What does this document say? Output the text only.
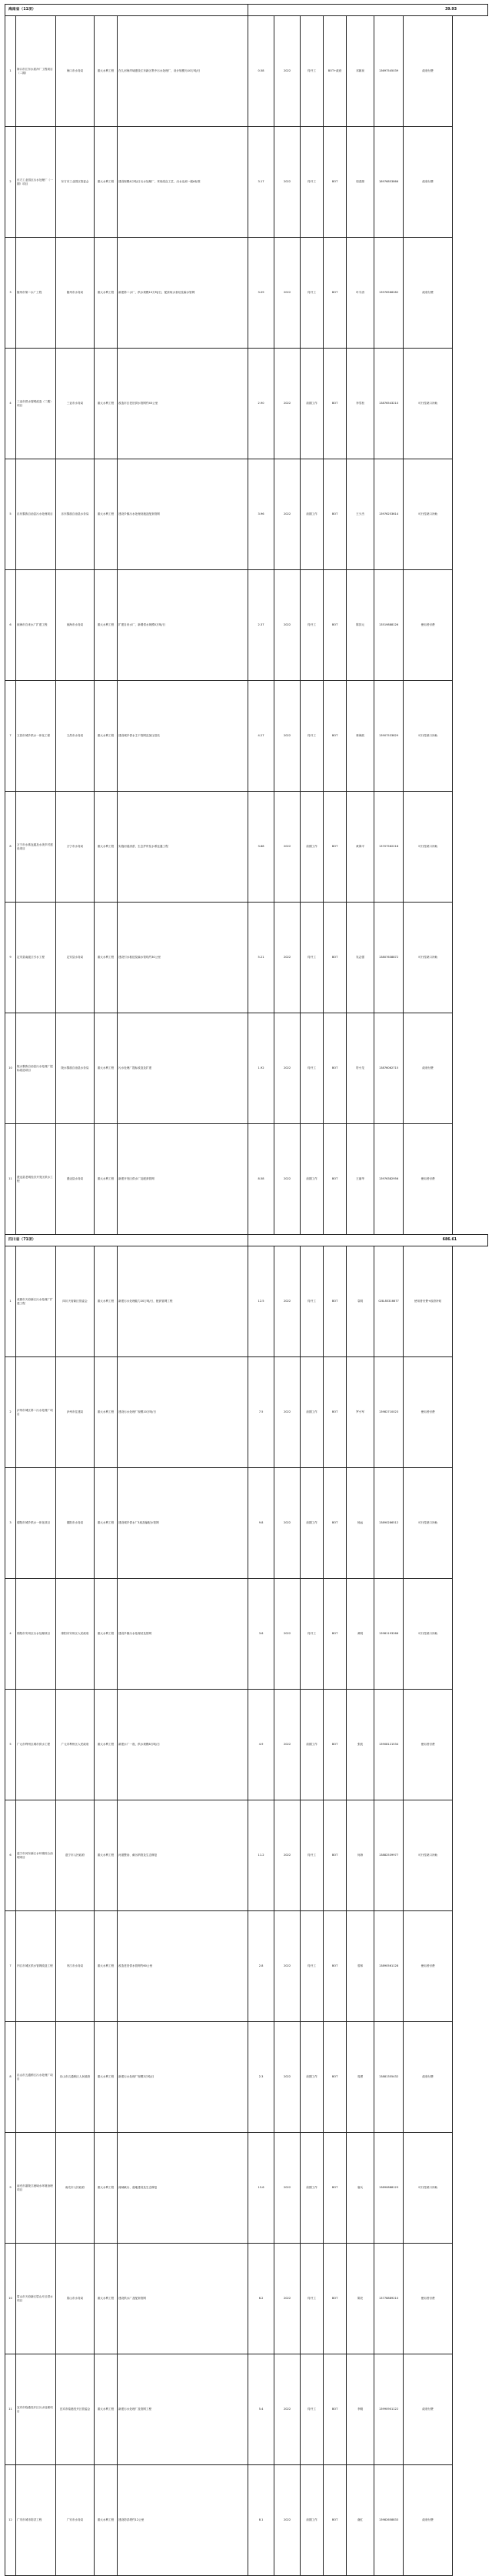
海南省（11项）					39.93						
1	海口市江东水质净厂工程项目（二期）	海口市水务局	重大水利工程	在儿河海岸域建设江东新区集中污水处理厂，设计规模为10万吨/日	0.58	2022	待开工	BOT+政府	邓颖泉	13697545039	政府付费
2	东方工业园区污水处理厂（一期）项目	东方市工业园区管委会	重大水利工程	建设规模4万吨/日污水处理厂，采用改良工艺，出水达到一级A标准	3.17	2022	待开工	BOT	周清源	18976853866	政府付费
3	儋州市第二水厂工程	儋州市水务局	重大水利工程	新建第二水厂，供水规模10万吨/日，配套取水泵站及输水管网	3.09	2022	待开工	BOT	叶宇清	13976566282	政府付费
4	三亚市供水管网改造（二期）项目	三亚市水务局	重大水利工程	改造市区老旧供水管网约45公里	2.90	2022	前期工作	BOT	李雪松	13876543210	可行性缺口补助
5	乐东黎族自治县污水处理项目	乐东黎族自治县水务局	重大水利工程	建设乡镇污水处理设施及配套管网	3.96	2022	前期工作	BOT	王少杰	13976253614	可行性缺口补助
6	琼海市自来水厂扩建工程	琼海市水务局	重大水利工程	扩建自来水厂，新增供水规模5万吨/日	2.37	2022	待开工	BOT	陈其元	13519888126	使用者付费
7	文昌市城乡供水一体化工程	文昌市水务局	重大水利工程	建设城乡供水主干管网及加压泵站	4.27	2022	待开工	BOT	林海波	13907533829	可行性缺口补助
8	万宁市水系连通及水美乡村建设项目	万宁市水务局	重大水利工程	实施河道清淤、生态护岸及水系连通工程	3.88	2022	前期工作	BOT	黄海平	13707562218	可行性缺口补助
9	定安县南渡江引水工程	定安县水务局	重大水利工程	建设引水枢纽及输水管线约30公里	5.21	2022	待开工	BOT	吴志强	13807638872	可行性缺口补助
10	陵水黎族自治县污水处理厂提标改造项目	陵水黎族自治县水务局	重大水利工程	污水处理厂提标改造及扩建	1.92	2022	待开工	BOT	符小龙	13876062715	政府付费
11	澄迈县老城经济开发区供水工程	澄迈县水务局	重大水利工程	新建开发区供水厂及配套管网	8.58	2022	前期工作	BOT	王丽华	13976382956	使用者付费
四川省（71项）					686.61						
1	成都市天府新区污水处理厂扩建工程	四川天府新区管委会	重大水利工程	新建污水处理能力20万吨/日，配套管网工程	12.5	2022	待开工	BOT	袁明	028-85316677	使用者付费+政府补贴
2	泸州市城区第二污水处理厂项目	泸州市住建局	重大水利工程	建设污水处理厂规模10万吨/日	7.5	2022	前期工作	BOT	罗小军	13982710023	使用者付费
3	德阳市城乡供水一体化项目	德阳市水务局	重大水利工程	建设城乡供水厂3座及输配水管网	9.8	2022	前期工作	BOT	杨远	13890286512	可行性缺口补助
4	绵阳市安州区污水处理项目	绵阳市安州区人民政府	重大水利工程	建设乡镇污水处理站及管网	3.6	2022	待开工	BOT	黄明	13981193266	可行性缺口补助
5	广元市利州区城市供水工程	广元市利州区人民政府	重大水利工程	新建水厂一座，供水规模6万吨/日	4.9	2022	前期工作	BOT	张波	13908121534	使用者付费
6	遂宁市河东新区水环境综合治理项目	遂宁市人民政府	重大水利工程	河道整治、截污纳管及生态修复	11.2	2022	待开工	BOT	何涛	13882539977	可行性缺口补助
7	内江市城区供水管网改造工程	内江市水务局	重大水利工程	改造老旧供水管网约60公里	2.8	2022	待开工	BOT	曾林	13890561128	使用者付费
8	乐山市五通桥区污水处理厂项目	乐山市五通桥区人民政府	重大水利工程	新建污水处理厂规模3万吨/日	2.3	2022	前期工作	BOT	周勇	13881355432	政府付费
9	南充市嘉陵江流域水环境治理项目	南充市人民政府	重大水利工程	流域截污、湿地建设及生态修复	15.6	2022	前期工作	BOT	唐兵	13890888123	可行性缺口补助
10	眉山市天府新区眉山片区供水项目	眉山市水务局	重大水利工程	建设供水厂及配套管网	6.2	2022	待开工	BOT	陈亮	13778889210	使用者付费
11	宜宾市临港经开区污水处理项目	宜宾市临港经开区管委会	重大水利工程	新建污水处理厂及管网工程	5.4	2022	待开工	BOT	李刚	13990901122	政府付费
12	广安市城市防洪工程	广安市水务局	重大水利工程	建设防洪堤约12公里	8.1	2022	前期工作	BOT	谢红	13982658833	政府付费
